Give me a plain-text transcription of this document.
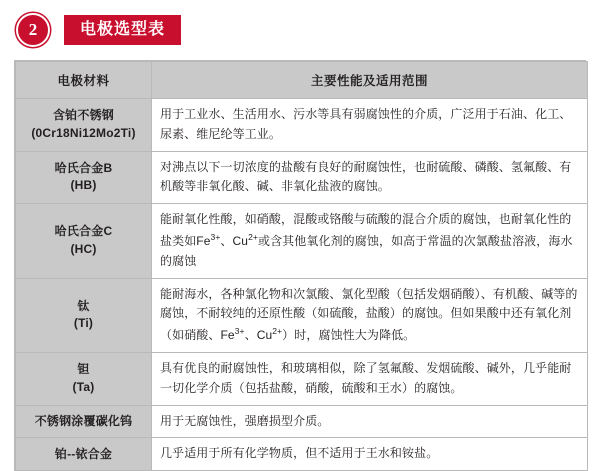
2	电极选型表
电极材料	主要性能及适用范围
含铂不锈钢
(0Cr18Ni12Mo2Ti)	用于工业水、生活用水、污水等具有弱腐蚀性的介质，广泛用于石油、化工、尿素、维尼纶等工业。
哈氏合金B
(HB)	对沸点以下一切浓度的盐酸有良好的耐腐蚀性，也耐硫酸、磷酸、氢氟酸、有机酸等非氧化酸、碱、非氧化盐液的腐蚀。
哈氏合金C
(HC)	能耐氧化性酸，如硝酸，混酸或铬酸与硫酸的混合介质的腐蚀，也耐氧化性的盐类如$Fe^{3+}$、$Cu^{2+}$或含其他氧化剂的腐蚀，如高于常温的次氯酸盐溶液，海水的腐蚀
钛
(Ti)	能耐海水，各种氯化物和次氯酸、氯化型酸（包括发烟硝酸）、有机酸、碱等的腐蚀，不耐较纯的还原性酸（如硫酸，盐酸）的腐蚀。但如果酸中还有氧化剂（如硝酸、$Fe^{3+}$、$Cu^{2+}$）时，腐蚀性大为降低。
钽
(Ta)	具有优良的耐腐蚀性，和玻璃相似，除了氢氟酸、发烟硫酸、碱外，几乎能耐一切化学介质（包括盐酸，硝酸，硫酸和王水）的腐蚀。
不锈钢涂覆碳化钨	用于无腐蚀性，强磨损型介质。
铂--铱合金	几乎适用于所有化学物质，但不适用于王水和铵盐。
